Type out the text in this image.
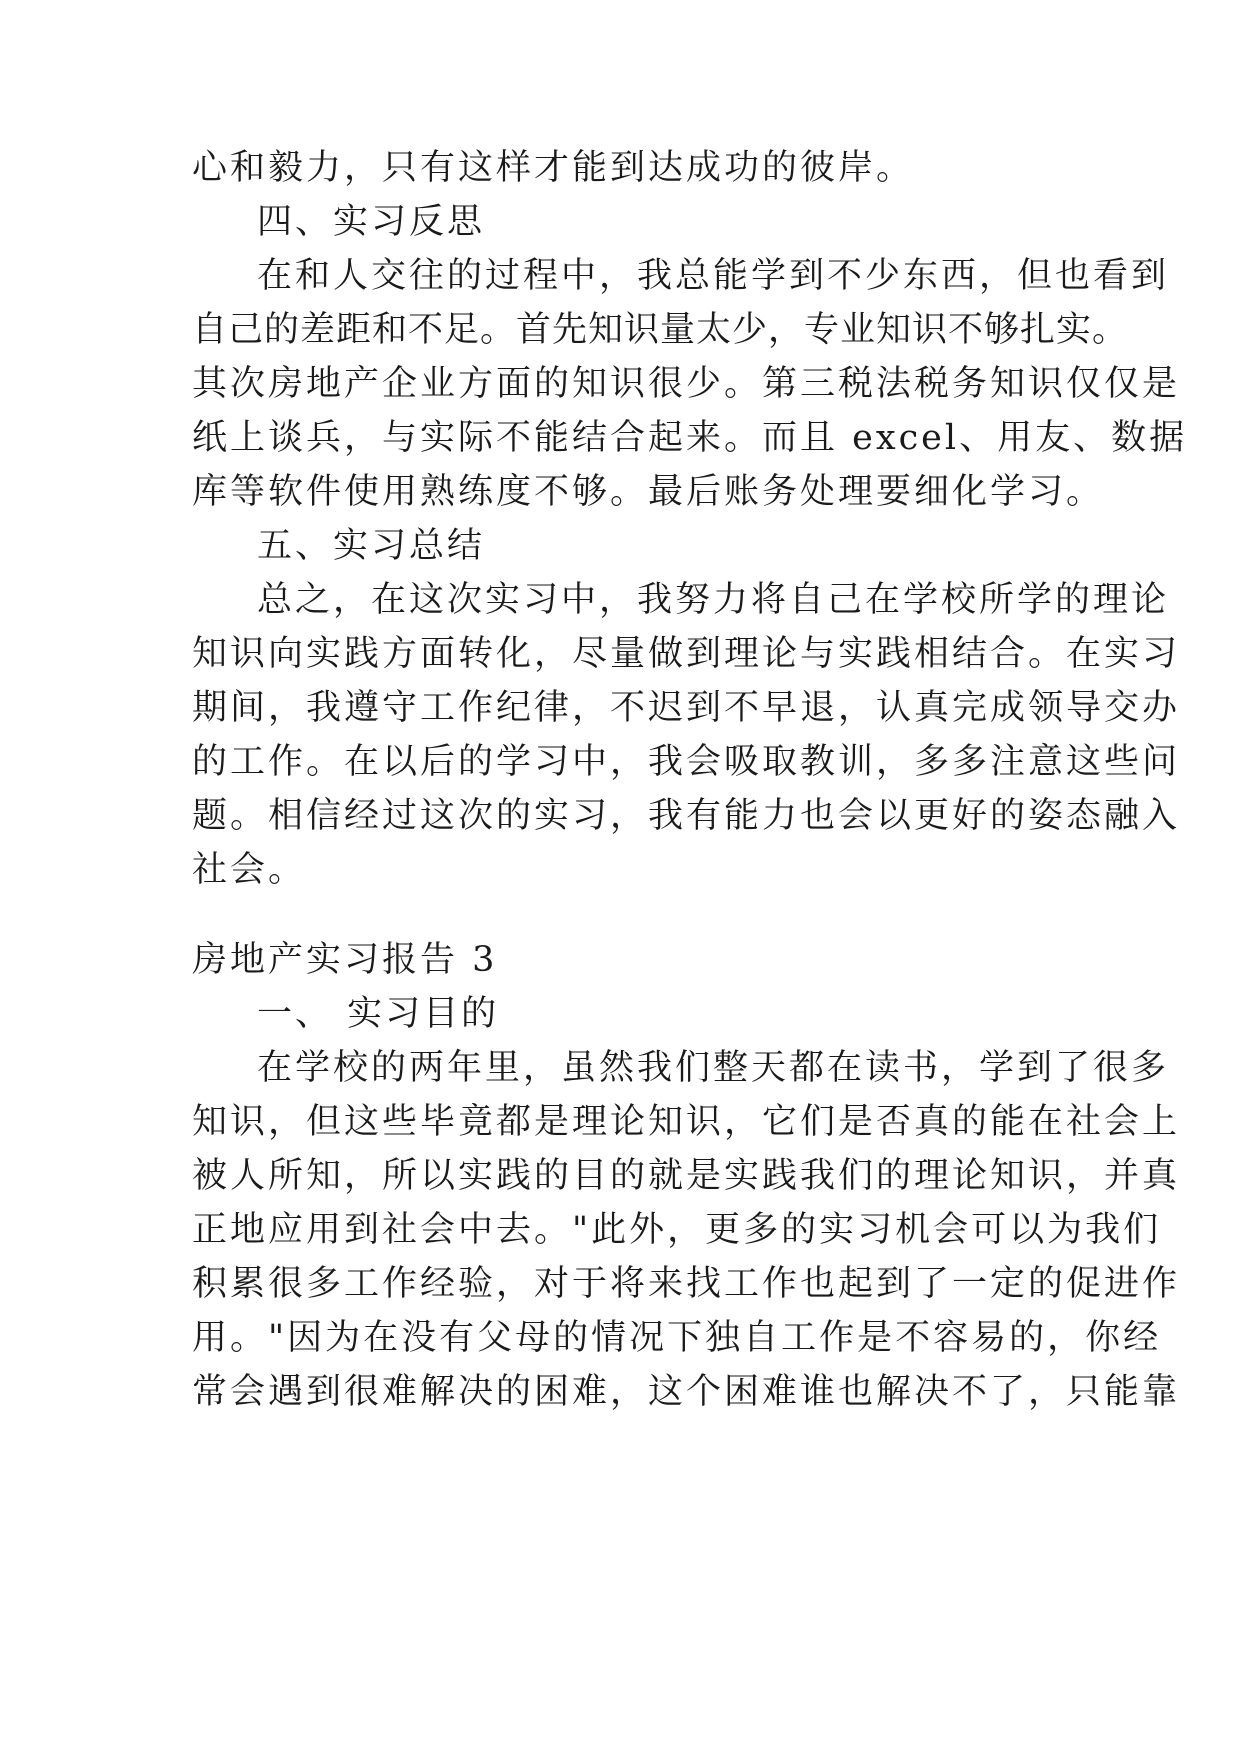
心和毅力，只有这样才能到达成功的彼岸。
四、实习反思
在和人交往的过程中，我总能学到不少东西，但也看到
自己的差距和不足。首先知识量太少，专业知识不够扎实。
其次房地产企业方面的知识很少。第三税法税务知识仅仅是
纸上谈兵，与实际不能结合起来。而且 excel、用友、数据
库等软件使用熟练度不够。最后账务处理要细化学习。
五、实习总结
总之，在这次实习中，我努力将自己在学校所学的理论
知识向实践方面转化，尽量做到理论与实践相结合。在实习
期间，我遵守工作纪律，不迟到不早退，认真完成领导交办
的工作。在以后的学习中，我会吸取教训，多多注意这些问
题。相信经过这次的实习，我有能力也会以更好的姿态融入
社会。
房地产实习报告 3
一、 实习目的
在学校的两年里，虽然我们整天都在读书，学到了很多
知识，但这些毕竟都是理论知识，它们是否真的能在社会上
被人所知，所以实践的目的就是实践我们的理论知识，并真
正地应用到社会中去。"此外，更多的实习机会可以为我们
积累很多工作经验，对于将来找工作也起到了一定的促进作
用。"因为在没有父母的情况下独自工作是不容易的，你经
常会遇到很难解决的困难，这个困难谁也解决不了，只能靠
